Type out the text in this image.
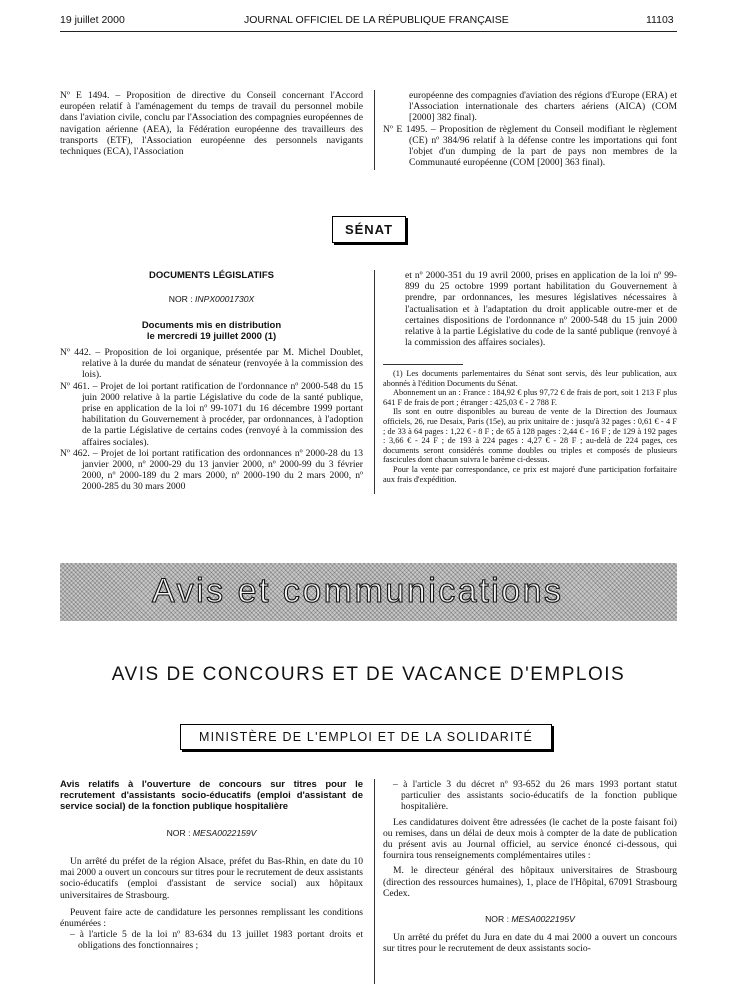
19 juillet 2000	JOURNAL OFFICIEL DE LA RÉPUBLIQUE FRANÇAISE	11103

Nº E 1494. – Proposition de directive du Conseil concernant l'Accord européen relatif à l'aménagement du temps de travail du personnel mobile dans l'aviation civile, conclu par l'Association des compagnies européennes de navigation aérienne (AEA), la Fédération européenne des travailleurs des transports (ETF), l'Association européenne des personnels navigants techniques (ECA), l'Association

européenne des compagnies d'aviation des régions d'Europe (ERA) et l'Association internationale des charters aériens (AICA) (COM [2000] 382 final).

Nº E 1495. – Proposition de règlement du Conseil modifiant le règlement (CE) nº 384/96 relatif à la défense contre les importations qui font l'objet d'un dumping de la part de pays non membres de la Communauté européenne (COM [2000] 363 final).

SÉNAT
DOCUMENTS LÉGISLATIFS
NOR : INPX0001730X
Documents mis en distribution
le mercredi 19 juillet 2000 (1)

Nº 442. – Proposition de loi organique, présentée par M. Michel Doublet, relative à la durée du mandat de sénateur (renvoyée à la commission des lois).

Nº 461. – Projet de loi portant ratification de l'ordonnance nº 2000-548 du 15 juin 2000 relative à la partie Législative du code de la santé publique, prise en application de la loi nº 99-1071 du 16 décembre 1999 portant habilitation du Gouvernement à procéder, par ordonnances, à l'adoption de la partie Législative de certains codes (renvoyé à la commission des affaires sociales).

Nº 462. – Projet de loi portant ratification des ordonnances nº 2000-28 du 13 janvier 2000, nº 2000-29 du 13 janvier 2000, nº 2000-99 du 3 février 2000, nº 2000-189 du 2 mars 2000, nº 2000-190 du 2 mars 2000, nº 2000-285 du 30 mars 2000

et nº 2000-351 du 19 avril 2000, prises en application de la loi nº 99-899 du 25 octobre 1999 portant habilitation du Gouvernement à prendre, par ordonnances, les mesures législatives nécessaires à l'actualisation et à l'adaptation du droit applicable outre-mer et de certaines dispositions de l'ordonnance nº 2000-548 du 15 juin 2000 relative à la partie Législative du code de la santé publique (renvoyé à la commission des affaires sociales).

(1) Les documents parlementaires du Sénat sont servis, dès leur publication, aux abonnés à l'édition Documents du Sénat.

Abonnement un an : France : 184,92 € plus 97,72 € de frais de port, soit 1 213 F plus 641 F de frais de port ; étranger : 425,03 € - 2 788 F.

Ils sont en outre disponibles au bureau de vente de la Direction des Journaux officiels, 26, rue Desaix, Paris (15e), au prix unitaire de : jusqu'à 32 pages : 0,61 € - 4 F ; de 33 à 64 pages : 1,22 € - 8 F ; de 65 à 128 pages : 2,44 € - 16 F ; de 129 à 192 pages : 3,66 € - 24 F ; de 193 à 224 pages : 4,27 € - 28 F ; au-delà de 224 pages, ces documents seront considérés comme doubles ou triples et composés de plusieurs fascicules dont chacun suivra le barème ci-dessus.

Pour la vente par correspondance, ce prix est majoré d'une participation forfaitaire aux frais d'expédition.

Avis et communications
AVIS DE CONCOURS ET DE VACANCE D'EMPLOIS
MINISTÈRE DE L'EMPLOI ET DE LA SOLIDARITÉ
Avis relatifs à l'ouverture de concours sur titres pour le recrutement d'assistants socio-éducatifs (emploi d'assistant de service social) de la fonction publique hospitalière
NOR : MESA0022159V

Un arrêté du préfet de la région Alsace, préfet du Bas-Rhin, en date du 10 mai 2000 a ouvert un concours sur titres pour le recrutement de deux assistants socio-éducatifs (emploi d'assistant de service social) aux hôpitaux universitaires de Strasbourg.

Peuvent faire acte de candidature les personnes remplissant les conditions énumérées :

– à l'article 5 de la loi nº 83-634 du 13 juillet 1983 portant droits et obligations des fonctionnaires ;

– à l'article 3 du décret nº 93-652 du 26 mars 1993 portant statut particulier des assistants socio-éducatifs de la fonction publique hospitalière.

Les candidatures doivent être adressées (le cachet de la poste faisant foi) ou remises, dans un délai de deux mois à compter de la date de publication du présent avis au Journal officiel, au service énoncé ci-dessous, qui fournira tous renseignements complémentaires utiles :

M. le directeur général des hôpitaux universitaires de Strasbourg (direction des ressources humaines), 1, place de l'Hôpital, 67091 Strasbourg Cedex.

NOR : MESA0022195V

Un arrêté du préfet du Jura en date du 4 mai 2000 a ouvert un concours sur titres pour le recrutement de deux assistants socio-
